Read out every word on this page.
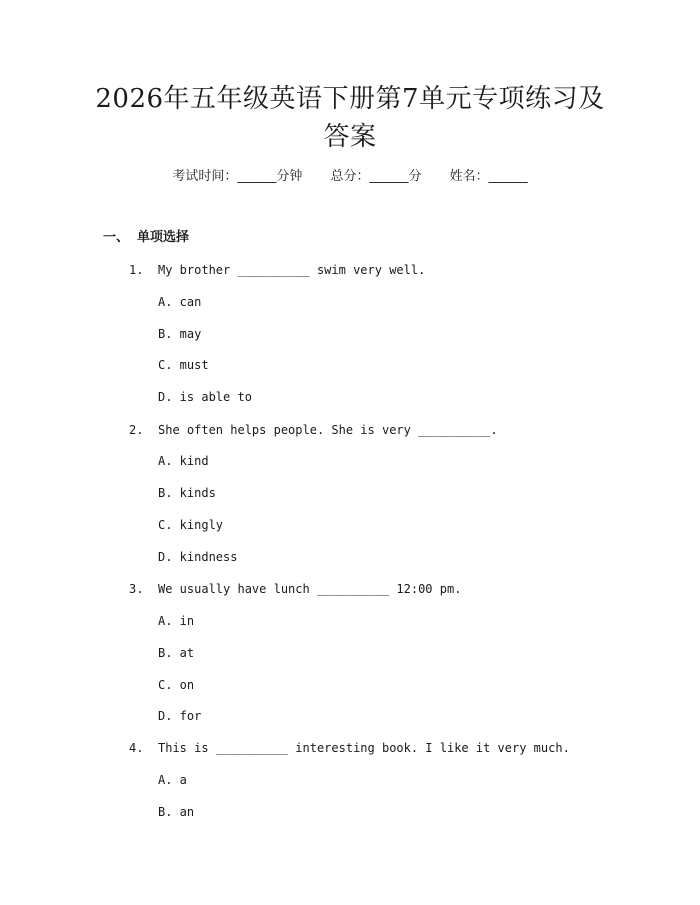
2026年五年级英语下册第7单元专项练习及
答案
考试时间：______分钟 总分：______分 姓名：______
一、 单项选择
1. My brother __________ swim very well.
A. can
B. may
C. must
D. is able to
2. She often helps people. She is very __________.
A. kind
B. kinds
C. kingly
D. kindness
3. We usually have lunch __________ 12:00 pm.
A. in
B. at
C. on
D. for
4. This is __________ interesting book. I like it very much.
A. a
B. an
